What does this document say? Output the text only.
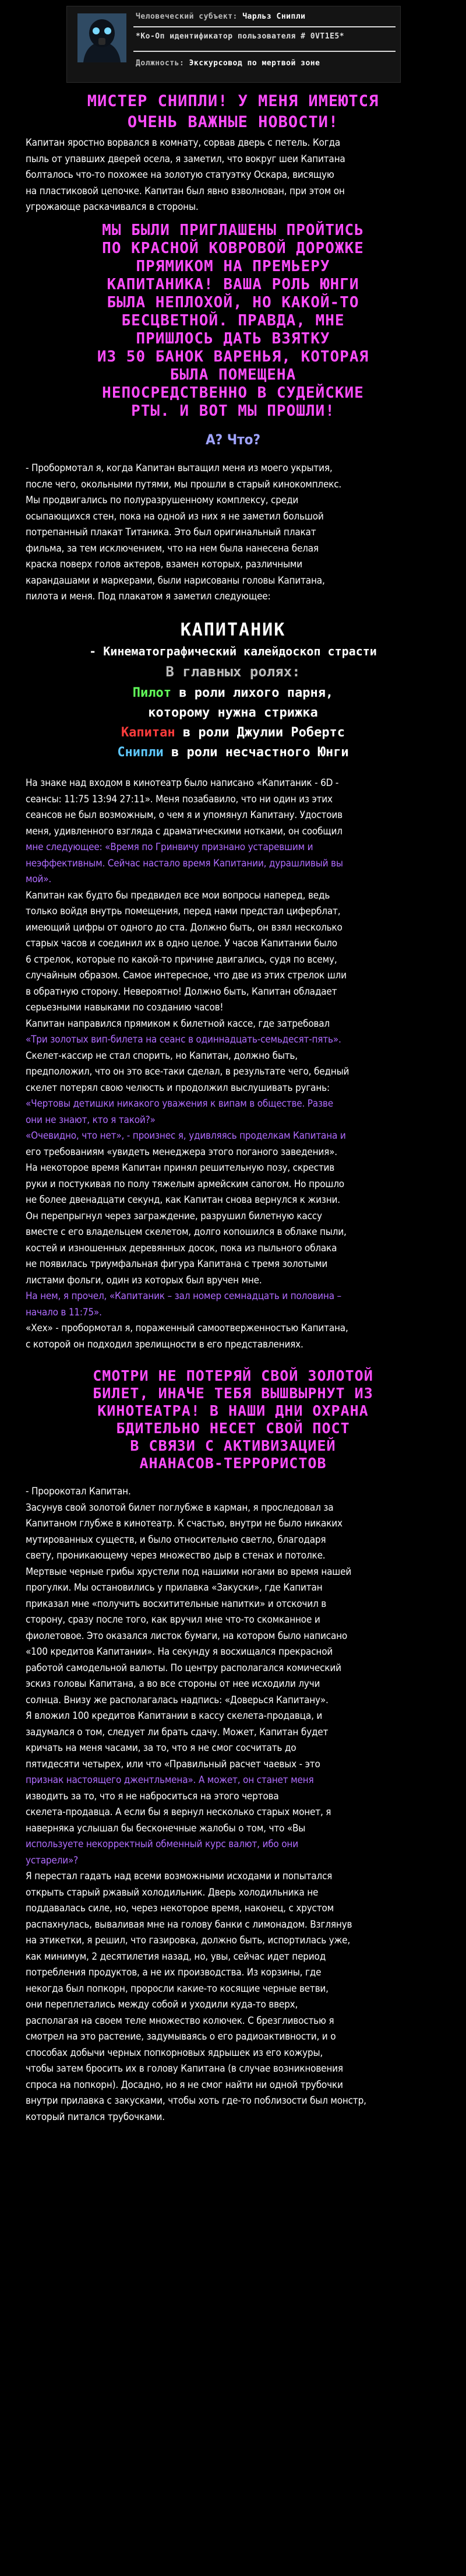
Человеческий субъект: Чарльз Снипли
*Ко-Оп идентификатор пользователя # 0VT1E5*
Должность: Экскурсовод по мертвой зоне
МИСТЕР СНИПЛИ! У МЕНЯ ИМЕЮТСЯ
ОЧЕНЬ ВАЖНЫЕ НОВОСТИ!
Капитан яростно ворвался в комнату, сорвав дверь с петель. Когда
пыль от упавших дверей осела, я заметил, что вокруг шеи Капитана
болталось что-то похожее на золотую статуэтку Оскара, висящую
на пластиковой цепочке. Капитан был явно взволнован, при этом он
угрожающе раскачивался в стороны.
МЫ БЫЛИ ПРИГЛАШЕНЫ ПРОЙТИСЬ
ПО КРАСНОЙ КОВРОВОЙ ДОРОЖКЕ
ПРЯМИКОМ НА ПРЕМЬЕРУ
КАПИТАНИКА! ВАША РОЛЬ ЮНГИ
БЫЛА НЕПЛОХОЙ, НО КАКОЙ-ТО
БЕСЦВЕТНОЙ. ПРАВДА, МНЕ
ПРИШЛОСЬ ДАТЬ ВЗЯТКУ
ИЗ 50 БАНОК ВАРЕНЬЯ, КОТОРАЯ
БЫЛА ПОМЕЩЕНА
НЕПОСРЕДСТВЕННО В СУДЕЙСКИЕ
РТЫ. И ВОТ МЫ ПРОШЛИ!
А? Что?
- Пробормотал я, когда Капитан вытащил меня из моего укрытия,
после чего, окольными путями, мы прошли в старый кинокомплекс.
Мы продвигались по полуразрушенному комплексу, среди
осыпающихся стен, пока на одной из них я не заметил большой
потрепанный плакат Титаника. Это был оригинальный плакат
фильма, за тем исключением, что на нем была нанесена белая
краска поверх голов актеров, взамен которых, различными
карандашами и маркерами, были нарисованы головы Капитана,
пилота и меня. Под плакатом я заметил следующее:
КАПИТАНИК
- Кинематографический калейдоскоп страсти
В главных ролях:
Пилот в роли лихого парня,
которому нужна стрижка
Капитан в роли Джулии Робертс
Снипли в роли несчастного Юнги
На знаке над входом в кинотеатр было написано «Капитаник - 6D -
сеансы: 11:75 13:94 27:11». Меня позабавило, что ни один из этих
сеансов не был возможным, о чем я и упомянул Капитану. Удостоив
меня, удивленного взгляда с драматическими нотками, он сообщил
мне следующее: «Время по Гринвичу признано устаревшим и
неэффективным. Сейчас настало время Капитании, дурашливый вы
мой».
Капитан как будто бы предвидел все мои вопросы наперед, ведь
только войдя внутрь помещения, перед нами предстал циферблат,
имеющий цифры от одного до ста. Должно быть, он взял несколько
старых часов и соединил их в одно целое. У часов Капитании было
6 стрелок, которые по какой-то причине двигались, судя по всему,
случайным образом. Самое интересное, что две из этих стрелок шли
в обратную сторону. Невероятно! Должно быть, Капитан обладает
серьезными навыками по созданию часов!
Капитан направился прямиком к билетной кассе, где затребовал
«Три золотых вип-билета на сеанс в одиннадцать-семьдесят-пять».
Скелет-кассир не стал спорить, но Капитан, должно быть,
предположил, что он это все-таки сделал, в результате чего, бедный
скелет потерял свою челюсть и продолжил выслушивать ругань:
«Чертовы детишки никакого уважения к випам в обществе. Разве
они не знают, кто я такой?»
«Очевидно, что нет», - произнес я, удивляясь проделкам Капитана и
его требованиям «увидеть менеджера этого поганого заведения».
На некоторое время Капитан принял решительную позу, скрестив
руки и постукивая по полу тяжелым армейским сапогом. Но прошло
не более двенадцати секунд, как Капитан снова вернулся к жизни.
Он перепрыгнул через заграждение, разрушил билетную кассу
вместе с его владельцем скелетом, долго копошился в облаке пыли,
костей и изношенных деревянных досок, пока из пыльного облака
не появилась триумфальная фигура Капитана с тремя золотыми
листами фольги, один из которых был вручен мне.
На нем, я прочел, «Капитаник – зал номер семнадцать и половина –
начало в 11:75».
«Хех» - пробормотал я, пораженный самоотверженностью Капитана,
с которой он подходил зрелищности в его представлениях.
СМОТРИ НЕ ПОТЕРЯЙ СВОЙ ЗОЛОТОЙ
БИЛЕТ, ИНАЧЕ ТЕБЯ ВЫШВЫРНУТ ИЗ
КИНОТЕАТРА! В НАШИ ДНИ ОХРАНА
БДИТЕЛЬНО НЕСЕТ СВОЙ ПОСТ
В СВЯЗИ С АКТИВИЗАЦИЕЙ
АНАНАСОВ-ТЕРРОРИСТОВ
- Пророкотал Капитан.
Засунув свой золотой билет поглубже в карман, я проследовал за
Капитаном глубже в кинотеатр. К счастью, внутри не было никаких
мутированных существ, и было относительно светло, благодаря
свету, проникающему через множество дыр в стенах и потолке.
Мертвые черные грибы хрустели под нашими ногами во время нашей
прогулки. Мы остановились у прилавка «Закуски», где Капитан
приказал мне «получить восхитительные напитки» и отскочил в
сторону, сразу после того, как вручил мне что-то скомканное и
фиолетовое. Это оказался листок бумаги, на котором было написано
«100 кредитов Капитании». На секунду я восхищался прекрасной
работой самодельной валюты. По центру располагался комический
эскиз головы Капитана, а во все стороны от нее исходили лучи
солнца. Внизу же располагалась надпись: «Доверься Капитану».
Я вложил 100 кредитов Капитании в кассу скелета-продавца, и
задумался о том, следует ли брать сдачу. Может, Капитан будет
кричать на меня часами, за то, что я не смог сосчитать до
пятидесяти четырех, или что «Правильный расчет чаевых - это
признак настоящего джентльмена». А может, он станет меня
изводить за то, что я не наброситься на этого чертова
скелета-продавца. А если бы я вернул несколько старых монет, я
наверняка услышал бы бесконечные жалобы о том, что «Вы
используете некорректный обменный курс валют, ибо они
устарели»?
Я перестал гадать над всеми возможными исходами и попытался
открыть старый ржавый холодильник. Дверь холодильника не
поддавалась силе, но, через некоторое время, наконец, с хрустом
распахнулась, вываливая мне на голову банки с лимонадом. Взглянув
на этикетки, я решил, что газировка, должно быть, испортилась уже,
как минимум, 2 десятилетия назад, но, увы, сейчас идет период
потребления продуктов, а не их производства. Из корзины, где
некогда был попкорн, проросли какие-то косящие черные ветви,
они переплетались между собой и уходили куда-то вверх,
располагая на своем теле множество колючек. С брезгливостью я
смотрел на это растение, задумываясь о его радиоактивности, и о
способах добычи черных попкорновых ядрышек из его кожуры,
чтобы затем бросить их в голову Капитана (в случае возникновения
спроса на попкорн). Досадно, но я не смог найти ни одной трубочки
внутри прилавка с закусками, чтобы хоть где-то поблизости был монстр,
который питался трубочками.
